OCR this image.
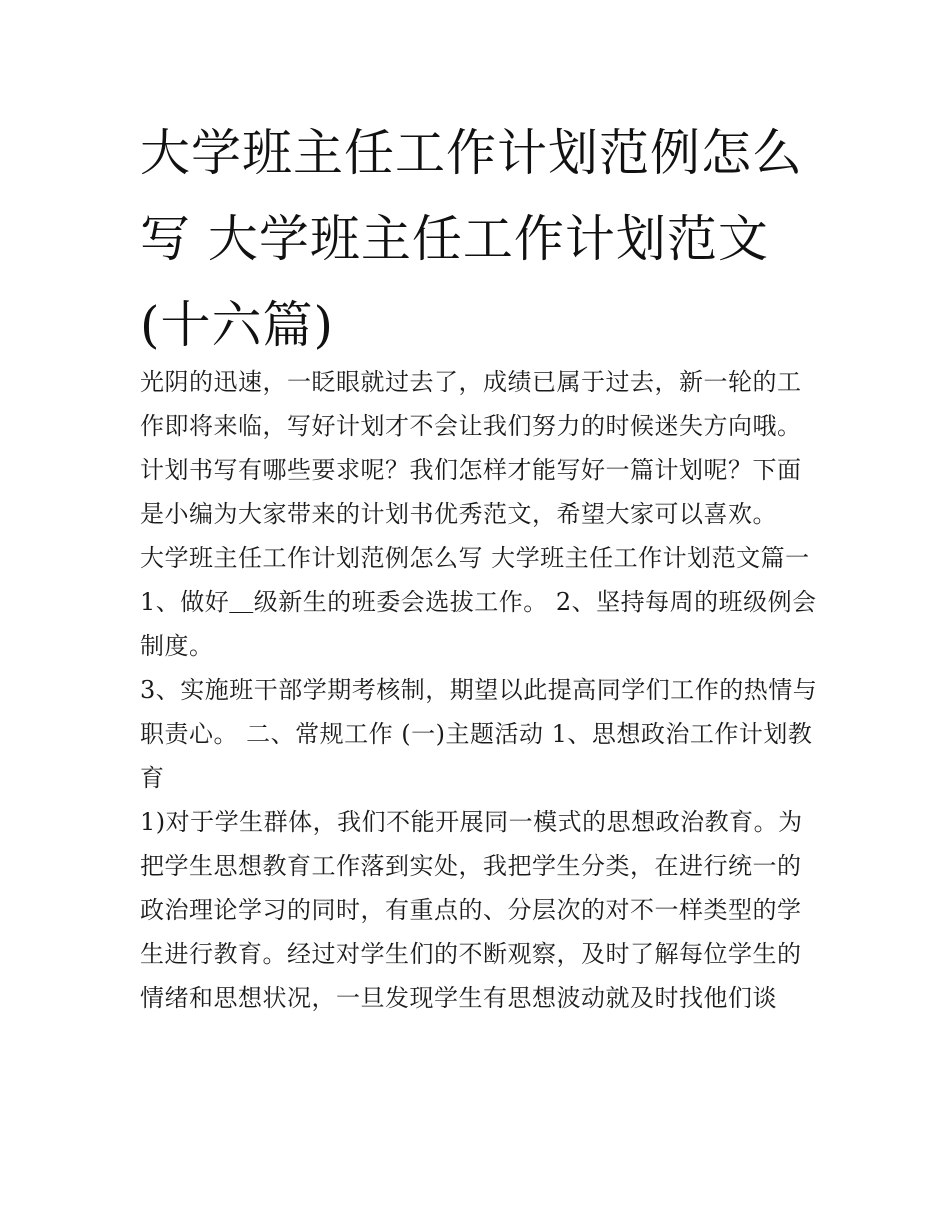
大学班主任工作计划范例怎么写 大学班主任工作计划范文(十六篇)

光阴的迅速，一眨眼就过去了，成绩已属于过去，新一轮的工作即将来临，写好计划才不会让我们努力的时候迷失方向哦。计划书写有哪些要求呢？我们怎样才能写好一篇计划呢？下面是小编为大家带来的计划书优秀范文，希望大家可以喜欢。

大学班主任工作计划范例怎么写 大学班主任工作计划范文篇一 1、做好＿级新生的班委会选拔工作。 2、坚持每周的班级例会制度。

3、实施班干部学期考核制，期望以此提高同学们工作的热情与职责心。 二、常规工作 (一)主题活动 1、思想政治工作计划教育

1)对于学生群体，我们不能开展同一模式的思想政治教育。为把学生思想教育工作落到实处，我把学生分类，在进行统一的政治理论学习的同时，有重点的、分层次的对不一样类型的学生进行教育。经过对学生们的不断观察，及时了解每位学生的情绪和思想状况，一旦发现学生有思想波动就及时找他们谈
